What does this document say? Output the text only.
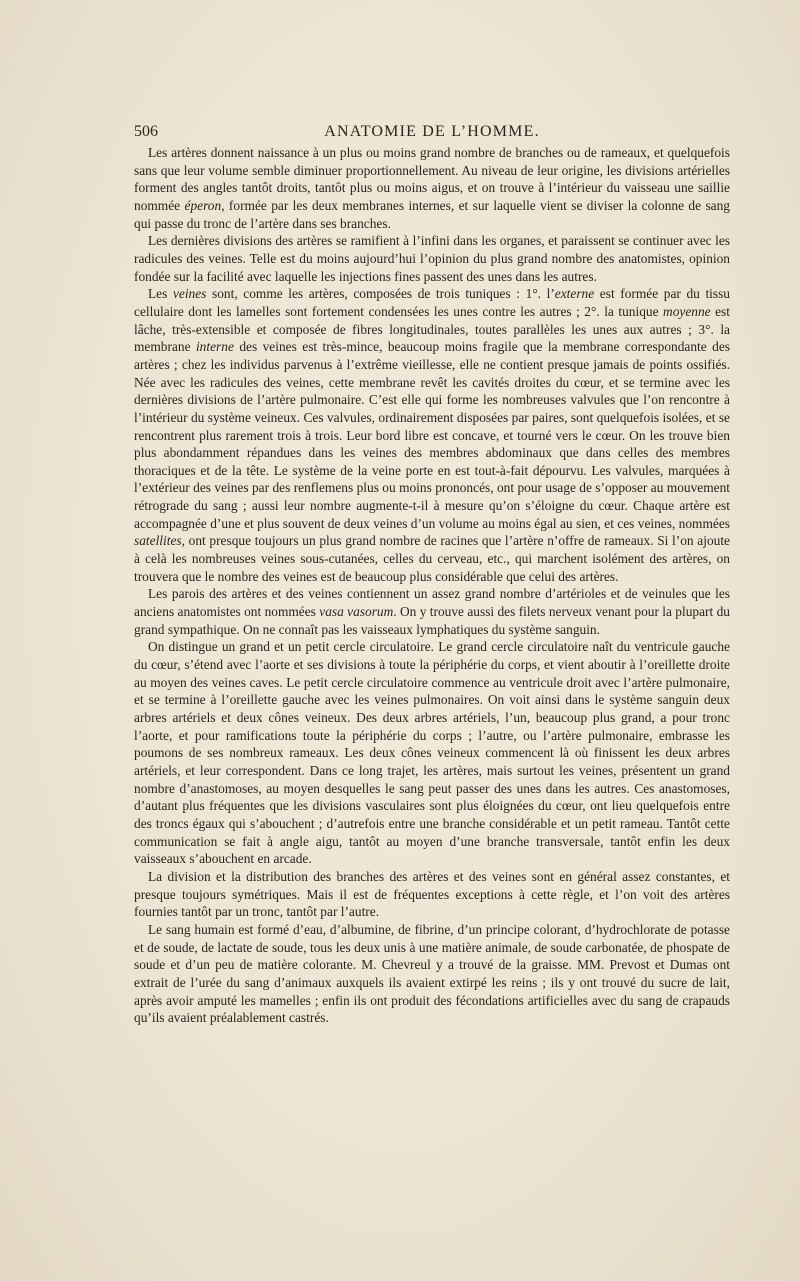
506	ANATOMIE DE L’HOMME.

Les artères donnent naissance à un plus ou moins grand nombre de branches ou de rameaux, et quelquefois sans que leur volume semble diminuer proportionnellement. Au niveau de leur origine, les divisions artérielles forment des angles tantôt droits, tantôt plus ou moins aigus, et on trouve à l’intérieur du vaisseau une saillie nommée éperon, formée par les deux membranes internes, et sur laquelle vient se diviser la colonne de sang qui passe du tronc de l’artère dans ses branches.

Les dernières divisions des artères se ramifient à l’infini dans les organes, et paraissent se continuer avec les radicules des veines. Telle est du moins aujourd’hui l’opinion du plus grand nombre des anatomistes, opinion fondée sur la facilité avec laquelle les injections fines passent des unes dans les autres.

Les veines sont, comme les artères, composées de trois tuniques : 1°. l’externe est formée par du tissu cellulaire dont les lamelles sont fortement condensées les unes contre les autres ; 2°. la tunique moyenne est lâche, très-extensible et composée de fibres longitudinales, toutes parallèles les unes aux autres ; 3°. la membrane interne des veines est très-mince, beaucoup moins fragile que la membrane correspondante des artères ; chez les individus parvenus à l’extrême vieillesse, elle ne contient presque jamais de points ossifiés. Née avec les radicules des veines, cette membrane revêt les cavités droites du cœur, et se termine avec les dernières divisions de l’artère pulmonaire. C’est elle qui forme les nombreuses valvules que l’on rencontre à l’intérieur du système veineux. Ces valvules, ordinairement disposées par paires, sont quelquefois isolées, et se rencontrent plus rarement trois à trois. Leur bord libre est concave, et tourné vers le cœur. On les trouve bien plus abondamment répandues dans les veines des membres abdominaux que dans celles des membres thoraciques et de la tête. Le système de la veine porte en est tout-à-fait dépourvu. Les valvules, marquées à l’extérieur des veines par des renflemens plus ou moins prononcés, ont pour usage de s’opposer au mouvement rétrograde du sang ; aussi leur nombre augmente-t-il à mesure qu’on s’éloigne du cœur. Chaque artère est accompagnée d’une et plus souvent de deux veines d’un volume au moins égal au sien, et ces veines, nommées satellites, ont presque toujours un plus grand nombre de racines que l’artère n’offre de rameaux. Si l’on ajoute à celà les nombreuses veines sous-cutanées, celles du cerveau, etc., qui marchent isolément des artères, on trouvera que le nombre des veines est de beaucoup plus considérable que celui des artères.

Les parois des artères et des veines contiennent un assez grand nombre d’artérioles et de veinules que les anciens anatomistes ont nommées vasa vasorum. On y trouve aussi des filets nerveux venant pour la plupart du grand sympathique. On ne connaît pas les vaisseaux lymphatiques du système sanguin.

On distingue un grand et un petit cercle circulatoire. Le grand cercle circulatoire naît du ventricule gauche du cœur, s’étend avec l’aorte et ses divisions à toute la périphérie du corps, et vient aboutir à l’oreillette droite au moyen des veines caves. Le petit cercle circulatoire commence au ventricule droit avec l’artère pulmonaire, et se termine à l’oreillette gauche avec les veines pulmonaires. On voit ainsi dans le système sanguin deux arbres artériels et deux cônes veineux. Des deux arbres artériels, l’un, beaucoup plus grand, a pour tronc l’aorte, et pour ramifications toute la périphérie du corps ; l’autre, ou l’artère pulmonaire, embrasse les poumons de ses nombreux rameaux. Les deux cônes veineux commencent là où finissent les deux arbres artériels, et leur correspondent. Dans ce long trajet, les artères, mais surtout les veines, présentent un grand nombre d’anastomoses, au moyen desquelles le sang peut passer des unes dans les autres. Ces anastomoses, d’autant plus fréquentes que les divisions vasculaires sont plus éloignées du cœur, ont lieu quelquefois entre des troncs égaux qui s’abouchent ; d’autrefois entre une branche considérable et un petit rameau. Tantôt cette communication se fait à angle aigu, tantôt au moyen d’une branche transversale, tantôt enfin les deux vaisseaux s’abouchent en arcade.

La division et la distribution des branches des artères et des veines sont en général assez constantes, et presque toujours symétriques. Mais il est de fréquentes exceptions à cette règle, et l’on voit des artères fournies tantôt par un tronc, tantôt par l’autre.

Le sang humain est formé d’eau, d’albumine, de fibrine, d’un principe colorant, d’hydrochlorate de potasse et de soude, de lactate de soude, tous les deux unis à une matière animale, de soude carbonatée, de phospate de soude et d’un peu de matière colorante. M. Chevreul y a trouvé de la graisse. MM. Prevost et Dumas ont extrait de l’urée du sang d’animaux auxquels ils avaient extirpé les reins ; ils y ont trouvé du sucre de lait, après avoir amputé les mamelles ; enfin ils ont produit des fécondations artificielles avec du sang de crapauds qu’ils avaient préalablement castrés.
